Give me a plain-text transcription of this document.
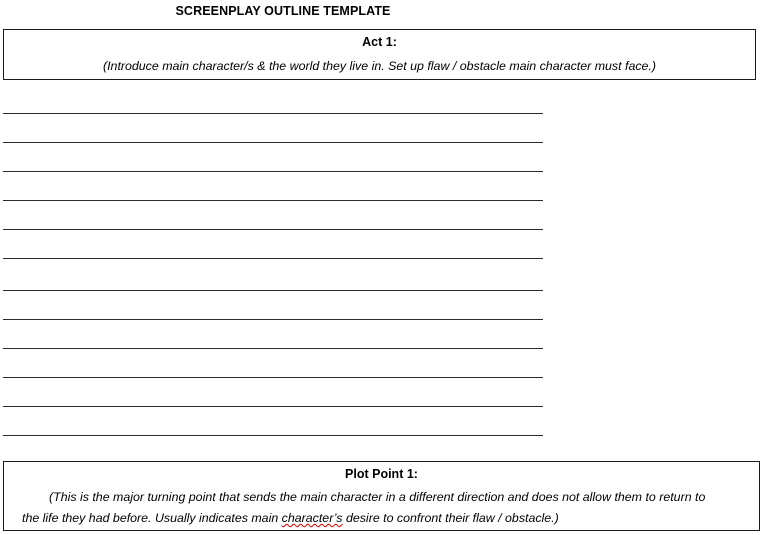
SCREENPLAY OUTLINE TEMPLATE
Act 1:
(Introduce main character/s & the world they live in. Set up flaw / obstacle main character must face.)
Plot Point 1:
(This is the major turning point that sends the main character in a different direction and does not allow them to return to
the life they had before. Usually indicates main character’s desire to confront their flaw / obstacle.)
